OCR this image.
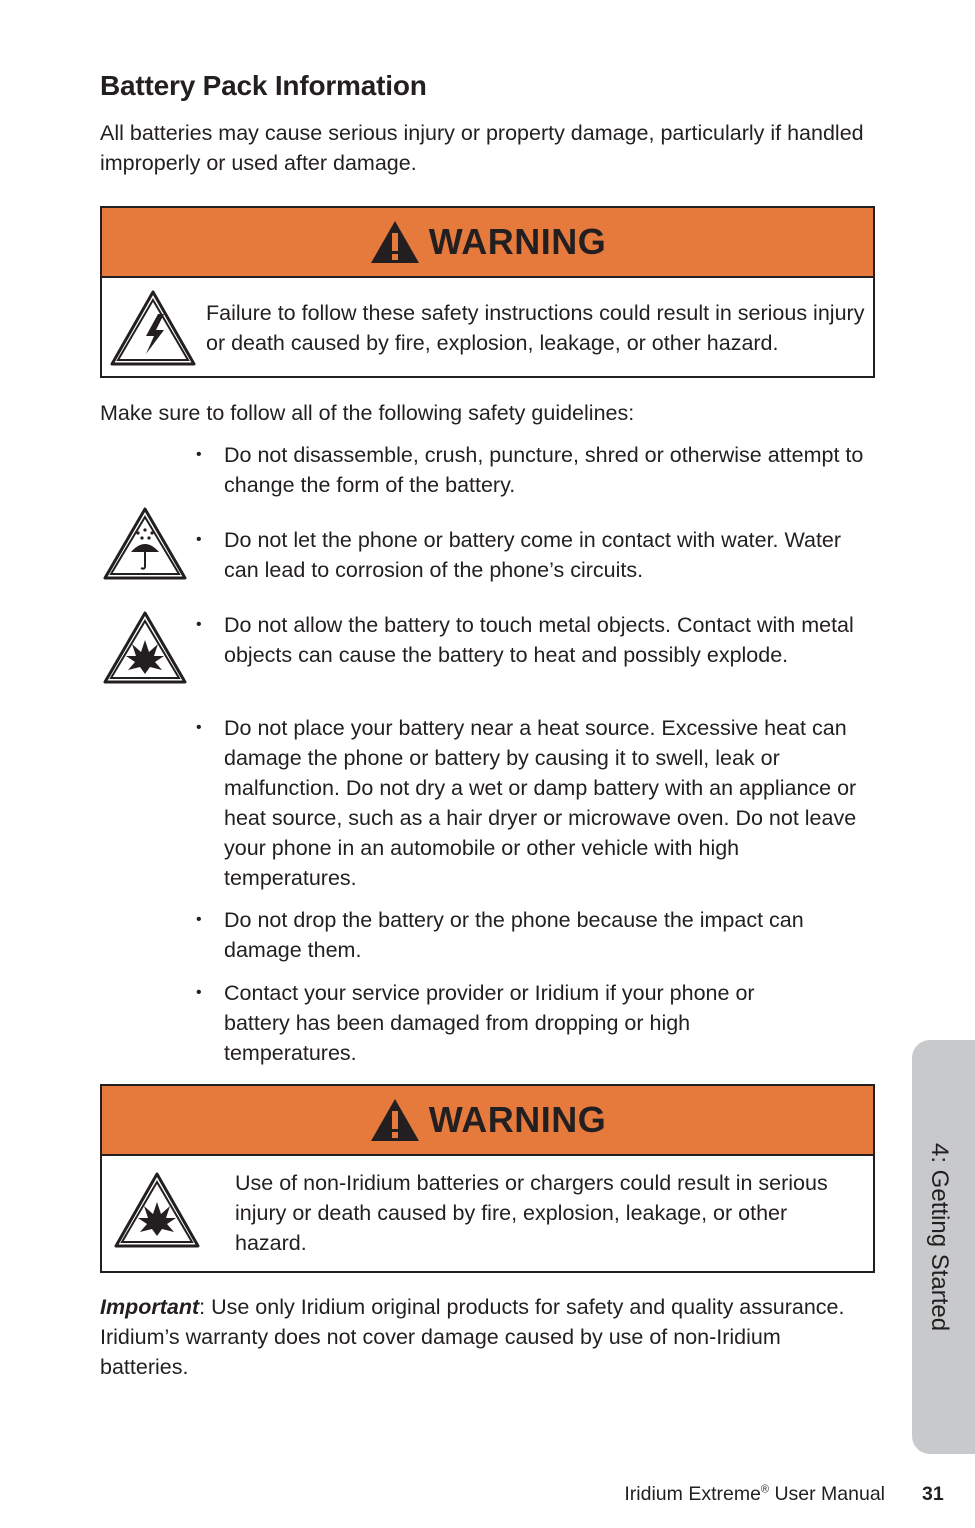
Battery Pack Information
All batteries may cause serious injury or property damage, particularly if handled improperly or used after damage.
WARNING
Failure to follow these safety instructions could result in serious injury or death caused by fire, explosion, leakage, or other hazard.
Make sure to follow all of the following safety guidelines:
• Do not disassemble, crush, puncture, shred or otherwise attempt to change the form of the battery.
• Do not let the phone or battery come in contact with water. Water can lead to corrosion of the phone’s circuits.
• Do not allow the battery to touch metal objects. Contact with metal objects can cause the battery to heat and possibly explode.
• Do not place your battery near a heat source. Excessive heat can damage the phone or battery by causing it to swell, leak or malfunction. Do not dry a wet or damp battery with an appliance or heat source, such as a hair dryer or microwave oven. Do not leave your phone in an automobile or other vehicle with high temperatures.
• Do not drop the battery or the phone because the impact can damage them.
• Contact your service provider or Iridium if your phone or battery has been damaged from dropping or high temperatures.
WARNING
Use of non-Iridium batteries or chargers could result in serious injury or death caused by fire, explosion, leakage, or other hazard.
Important: Use only Iridium original products for safety and quality assurance. Iridium’s warranty does not cover damage caused by use of non-Iridium batteries.
4: Getting Started
Iridium Extreme® User Manual 31
